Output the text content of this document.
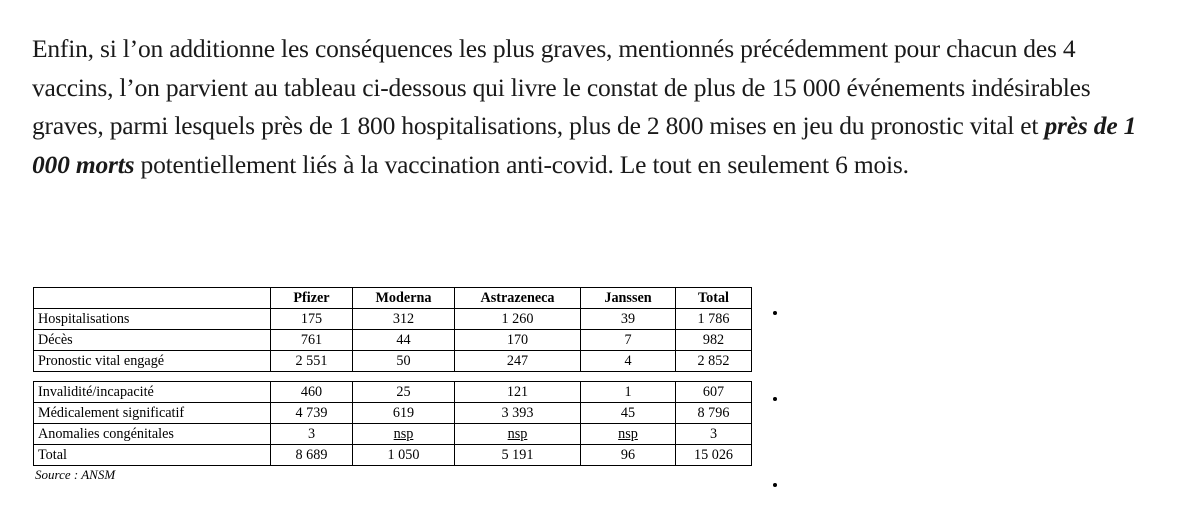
Enfin, si l’on additionne les conséquences les plus graves, mentionnés précédemment pour chacun des 4 vaccins, l’on parvient au tableau ci-dessous qui livre le constat de plus de 15 000 événements indésirables graves, parmi lesquels près de 1 800 hospitalisations, plus de 2 800 mises en jeu du pronostic vital et près de 1 000 morts potentiellement liés à la vaccination anti-covid. Le tout en seulement 6 mois.

	Pfizer	Moderna	Astrazeneca	Janssen	Total
Hospitalisations	175	312	1 260	39	1 786
Décès	761	44	170	7	982
Pronostic vital engagé	2 551	50	247	4	2 852
Invalidité/incapacité	460	25	121	1	607
Médicalement significatif	4 739	619	3 393	45	8 796
Anomalies congénitales	3	nsp	nsp	nsp	3
Total	8 689	1 050	5 191	96	15 026
Source : ANSM
